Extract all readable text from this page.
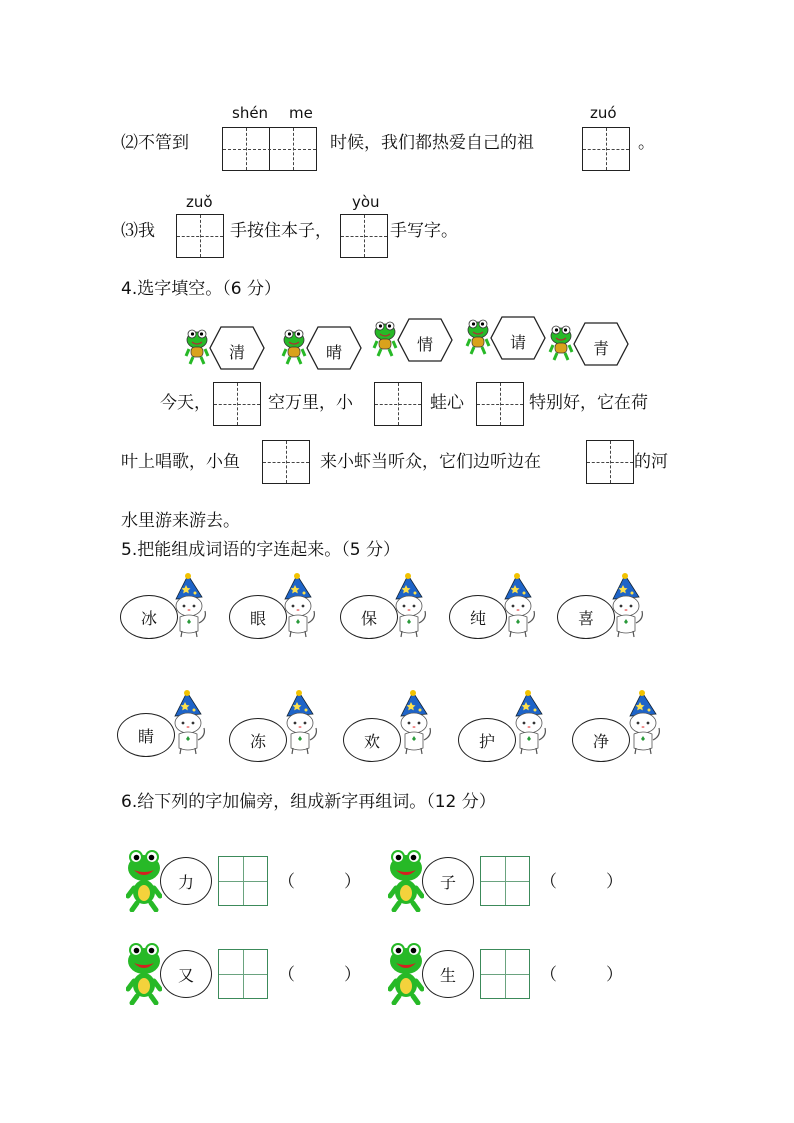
⑵不管到
shén me
时候，我们都热爱自己的祖
zuó
。
⑶我
zuǒ
手按住本子，
yòu
手写字。
4.选字填空。（6 分）
清	晴	情	请	青
今天，	空万里，小	蛙心	特别好，它在荷
叶上唱歌，小鱼	来小虾当听众，它们边听边在	的河
水里游来游去。
5.把能组成词语的字连起来。（5 分）
冰	眼	保	纯	喜
睛	冻	欢	护	净
6.给下列的字加偏旁，组成新字再组词。（12 分）
力	（	）	子	（	）
又	（	）	生	（	）
